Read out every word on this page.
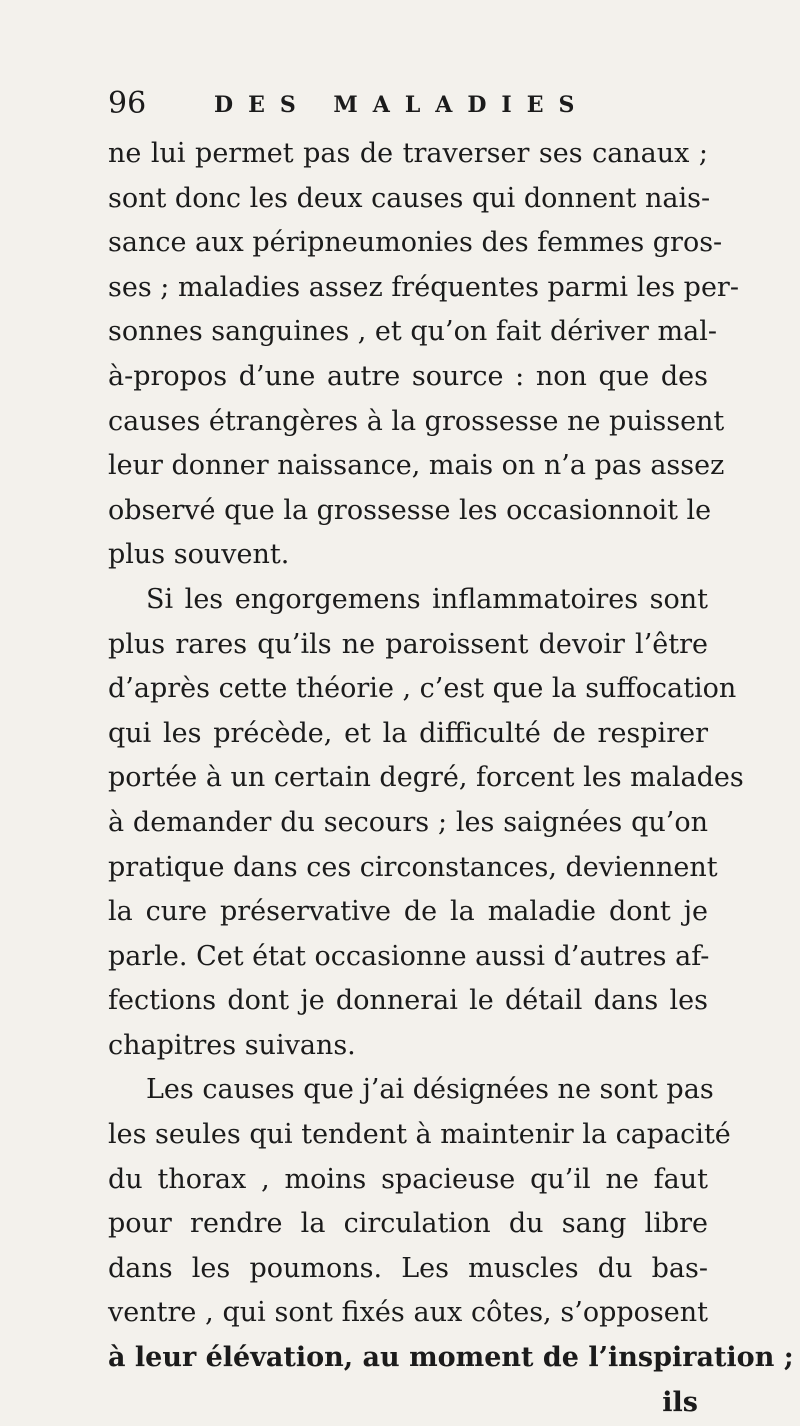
96	DES MALADIES
ne lui permet pas de traverser ses canaux ;
sont donc les deux causes qui donnent nais-
sance aux péripneumonies des femmes gros-
ses ; maladies assez fréquentes parmi les per-
sonnes sanguines , et qu’on fait dériver mal-
à-propos d’une autre source : non que des
causes étrangères à la grossesse ne puissent
leur donner naissance, mais on n’a pas assez
observé que la grossesse les occasionnoit le
plus souvent.
Si les engorgemens inflammatoires sont
plus rares qu’ils ne paroissent devoir l’être
d’après cette théorie , c’est que la suffocation
qui les précède, et la difficulté de respirer
portée à un certain degré, forcent les malades
à demander du secours ; les saignées qu’on
pratique dans ces circonstances, deviennent
la cure préservative de la maladie dont je
parle. Cet état occasionne aussi d’autres af-
fections dont je donnerai le détail dans les
chapitres suivans.
Les causes que j’ai désignées ne sont pas
les seules qui tendent à maintenir la capacité
du thorax , moins spacieuse qu’il ne faut
pour rendre la circulation du sang libre
dans les poumons. Les muscles du bas-
ventre , qui sont fixés aux côtes, s’opposent
à leur élévation, au moment de l’inspiration ;
ils
